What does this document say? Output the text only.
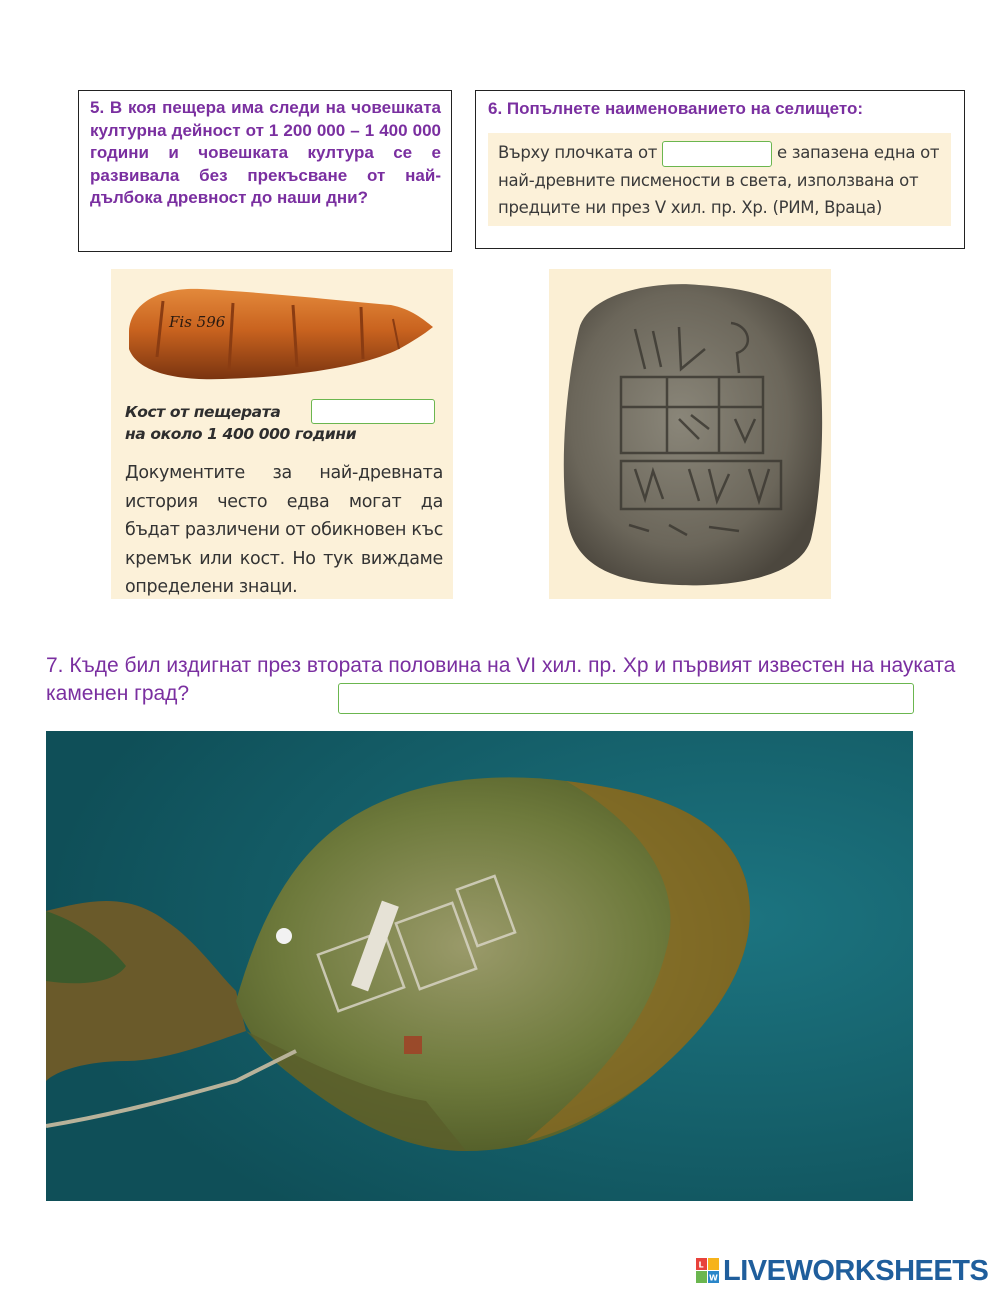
5. В коя пещера има следи на човешката културна дейност от 1 200 000 – 1 400 000 години и човешката култура се е развивала без прекъсване от най-дълбока древност до наши дни?

6. Попълнете наименованието на селището:

Върху плочката от	е запазена една от най-древните писмености в света, използвана от предците ни през V хил. пр. Хр. (РИМ, Враца)
Fis 596

Кост от пещерата
на около 1 400 000 години

Документите за най-древната история често едва могат да бъдат различени от обикновен къс кремък или кост. Но тук виждаме определени знаци.

7. Къде бил издигнат през втората половина на VI хил. пр. Хр и първият известен на науката каменен град?

L
W LIVEWORKSHEETS
